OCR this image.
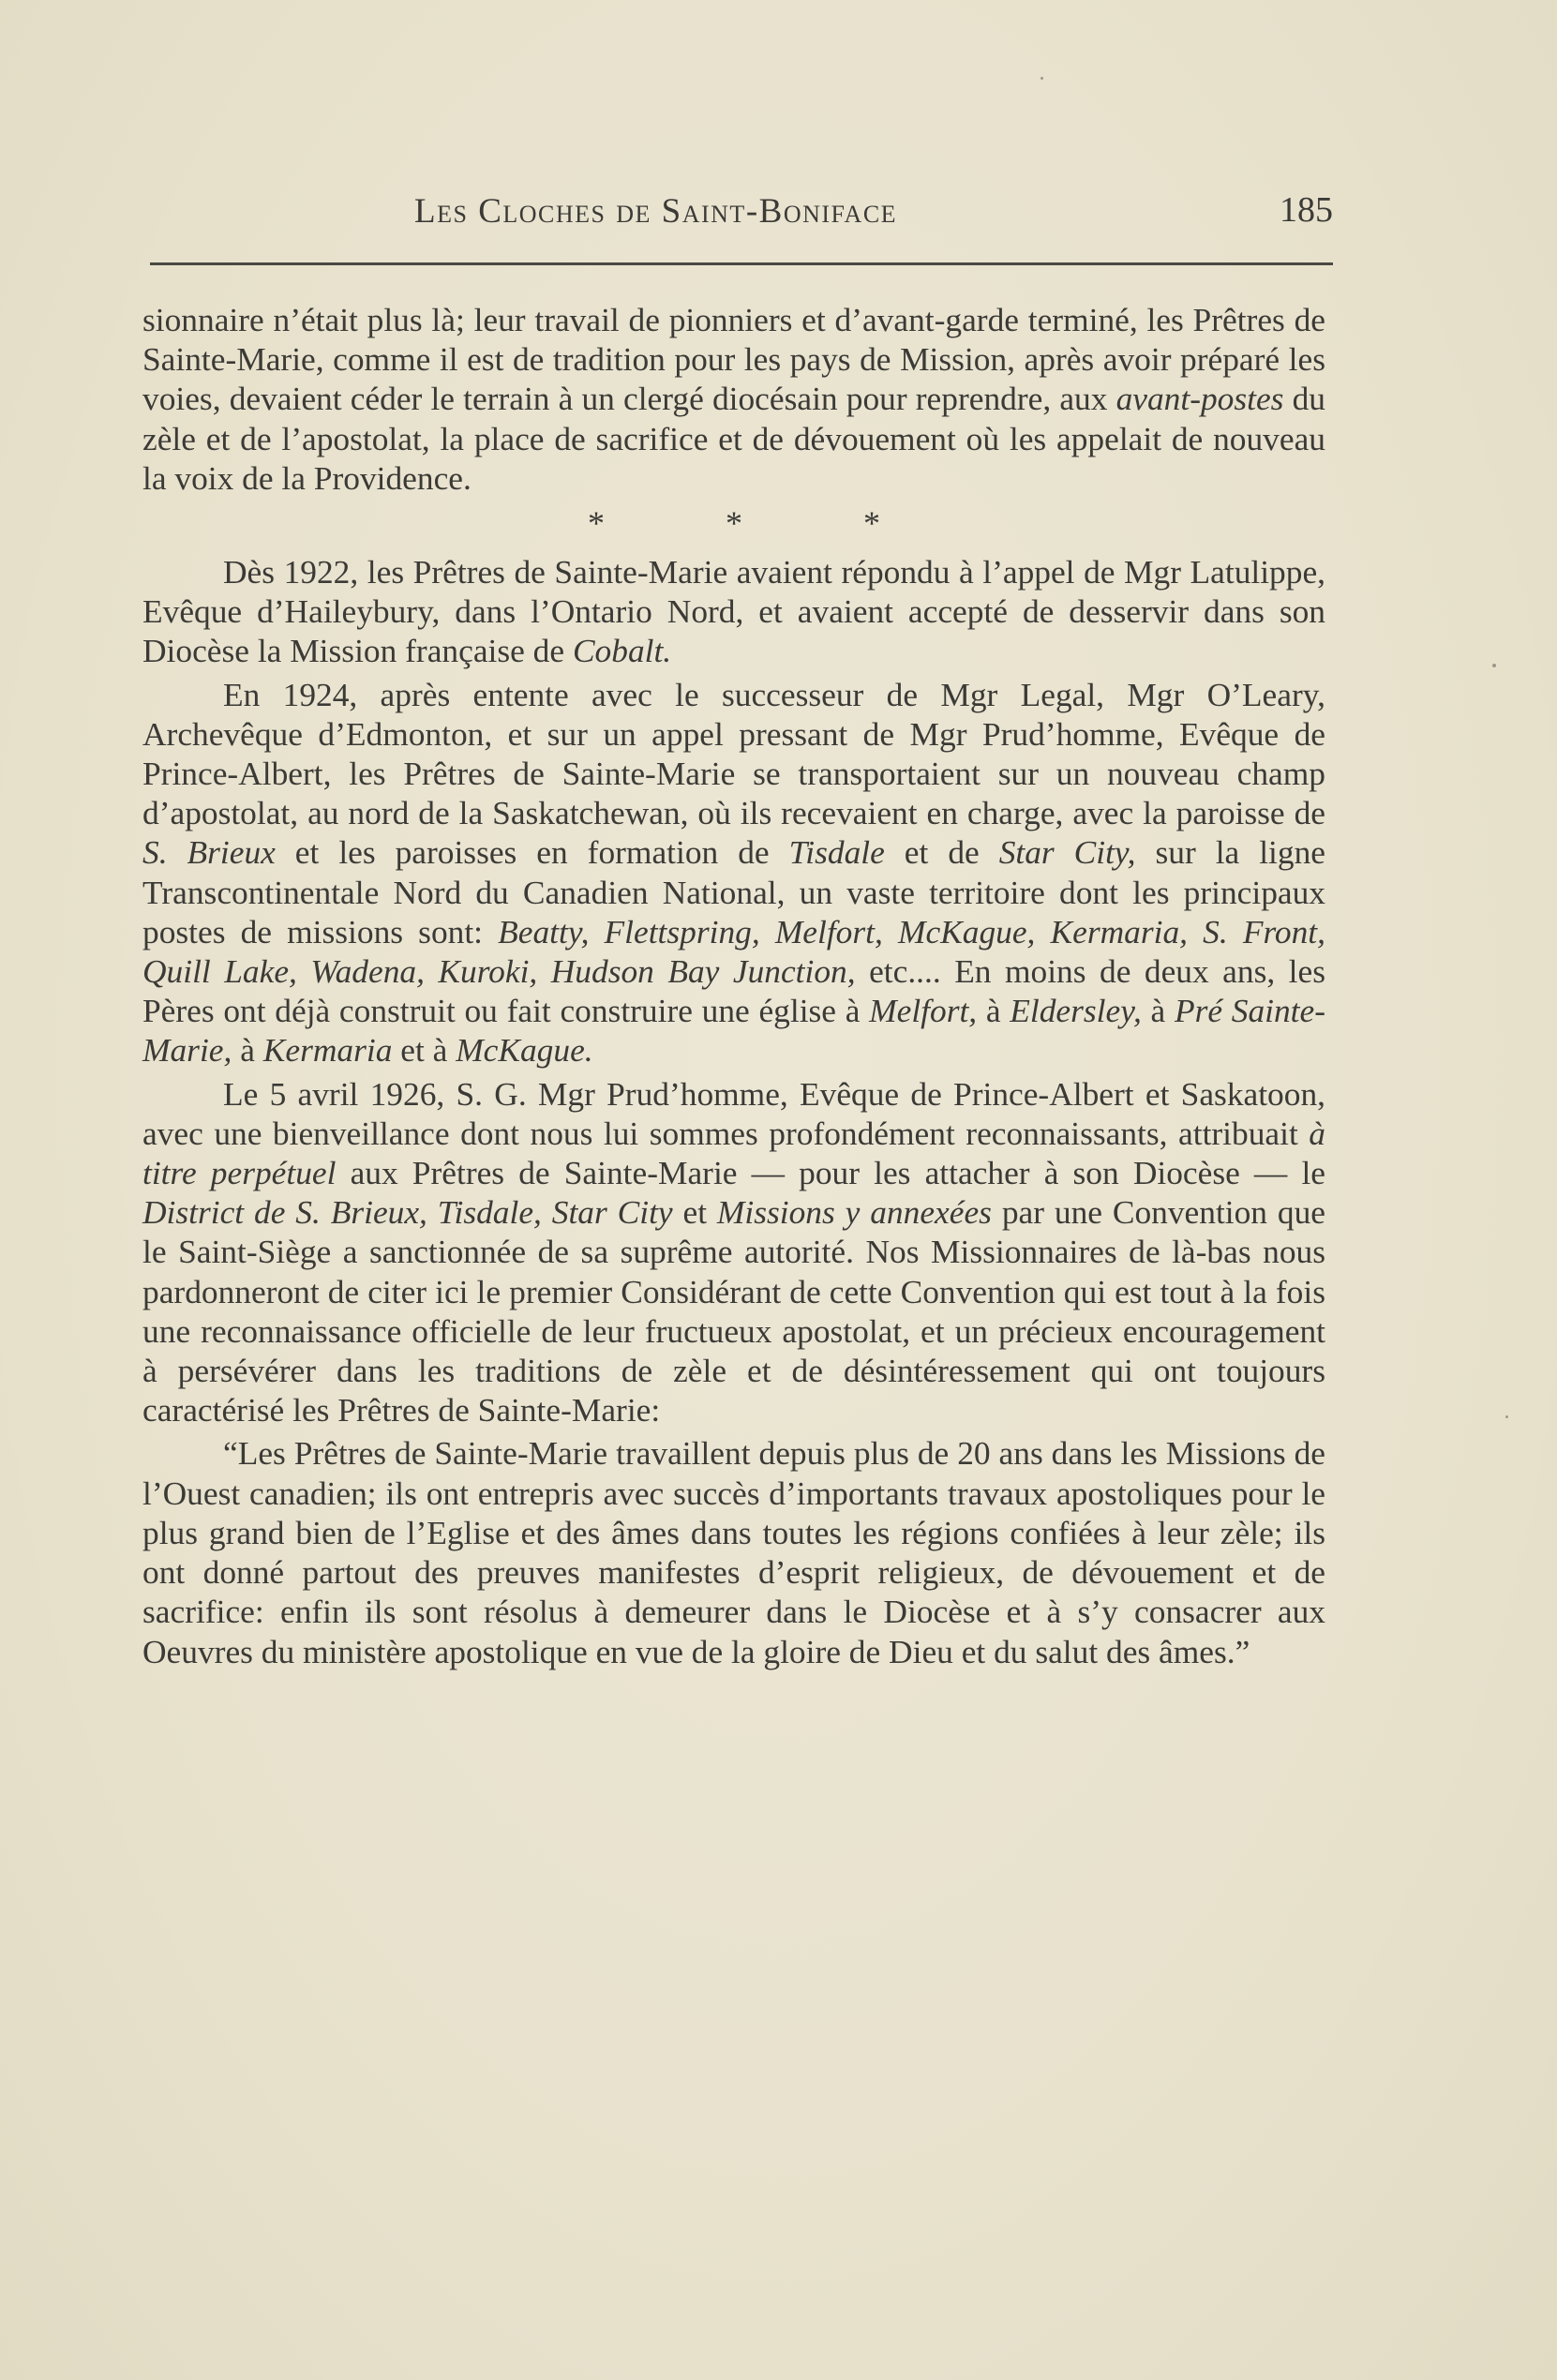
Les Cloches de Saint-Boniface	185

sionnaire n’était plus là; leur travail de pionniers et d’avant-garde terminé, les Prêtres de Sainte-Marie, comme il est de tradition pour les pays de Mission, après avoir préparé les voies, devaient céder le terrain à un clergé diocésain pour reprendre, aux avant-postes du zèle et de l’apostolat, la place de sacrifice et de dévouement où les appelait de nouveau la voix de la Providence.

* * *

Dès 1922, les Prêtres de Sainte-Marie avaient répondu à l’appel de Mgr Latulippe, Evêque d’Haileybury, dans l’Ontario Nord, et avaient accepté de desservir dans son Diocèse la Mission française de Cobalt.

En 1924, après entente avec le successeur de Mgr Legal, Mgr O’Leary, Archevêque d’Edmonton, et sur un appel pressant de Mgr Prud’homme, Evêque de Prince-Albert, les Prêtres de Sainte-Marie se transportaient sur un nouveau champ d’apostolat, au nord de la Saskatchewan, où ils recevaient en charge, avec la paroisse de S. Brieux et les paroisses en formation de Tisdale et de Star City, sur la ligne Transcontinentale Nord du Canadien National, un vaste territoire dont les principaux postes de missions sont: Beatty, Flettspring, Melfort, McKague, Kermaria, S. Front, Quill Lake, Wadena, Kuroki, Hudson Bay Junction, etc.... En moins de deux ans, les Pères ont déjà construit ou fait construire une église à Melfort, à Eldersley, à Pré Sainte-Marie, à Kermaria et à McKague.

Le 5 avril 1926, S. G. Mgr Prud’homme, Evêque de Prince-Albert et Saskatoon, avec une bienveillance dont nous lui sommes profondément reconnaissants, attribuait à titre perpétuel aux Prêtres de Sainte-Marie — pour les attacher à son Diocèse — le District de S. Brieux, Tisdale, Star City et Missions y annexées par une Convention que le Saint-Siège a sanctionnée de sa suprême autorité. Nos Missionnaires de là-bas nous pardonneront de citer ici le premier Considérant de cette Convention qui est tout à la fois une reconnaissance officielle de leur fructueux apostolat, et un précieux encouragement à persévérer dans les traditions de zèle et de désintéressement qui ont toujours caractérisé les Prêtres de Sainte-Marie:

“Les Prêtres de Sainte-Marie travaillent depuis plus de 20 ans dans les Missions de l’Ouest canadien; ils ont entrepris avec succès d’importants travaux apostoliques pour le plus grand bien de l’Eglise et des âmes dans toutes les régions confiées à leur zèle; ils ont donné partout des preuves manifestes d’esprit religieux, de dévouement et de sacrifice: enfin ils sont résolus à demeurer dans le Diocèse et à s’y consacrer aux Oeuvres du ministère apostolique en vue de la gloire de Dieu et du salut des âmes.”
